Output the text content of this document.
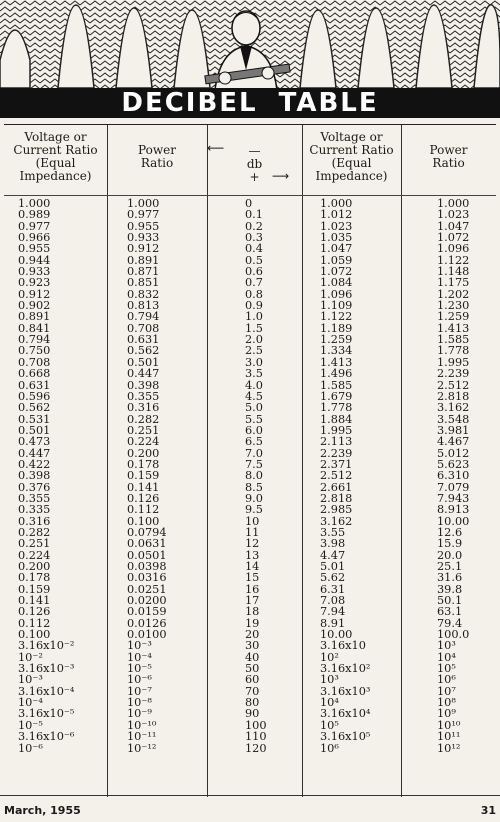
DECIBEL TABLE
Voltage or
Current Ratio
(Equal
Impedance)
Power
Ratio
—
db
+
⟵
⟶
Voltage or
Current Ratio
(Equal
Impedance)
Power
Ratio
1.000
0.989
0.977
0.966
0.955
0.944
0.933
0.923
0.912
0.902
0.891
0.841
0.794
0.750
0.708
0.668
0.631
0.596
0.562
0.531
0.501
0.473
0.447
0.422
0.398
0.376
0.355
0.335
0.316
0.282
0.251
0.224
0.200
0.178
0.159
0.141
0.126
0.112
0.100
3.16x10⁻²
10⁻²
3.16x10⁻³
10⁻³
3.16x10⁻⁴
10⁻⁴
3.16x10⁻⁵
10⁻⁵
3.16x10⁻⁶
10⁻⁶
1.000
0.977
0.955
0.933
0.912
0.891
0.871
0.851
0.832
0.813
0.794
0.708
0.631
0.562
0.501
0.447
0.398
0.355
0.316
0.282
0.251
0.224
0.200
0.178
0.159
0.141
0.126
0.112
0.100
0.0794
0.0631
0.0501
0.0398
0.0316
0.0251
0.0200
0.0159
0.0126
0.0100
10⁻³
10⁻⁴
10⁻⁵
10⁻⁶
10⁻⁷
10⁻⁸
10⁻⁹
10⁻¹⁰
10⁻¹¹
10⁻¹²
0
0.1
0.2
0.3
0.4
0.5
0.6
0.7
0.8
0.9
1.0
1.5
2.0
2.5
3.0
3.5
4.0
4.5
5.0
5.5
6.0
6.5
7.0
7.5
8.0
8.5
9.0
9.5
10
11
12
13
14
15
16
17
18
19
20
30
40
50
60
70
80
90
100
110
120
1.000
1.012
1.023
1.035
1.047
1.059
1.072
1.084
1.096
1.109
1.122
1.189
1.259
1.334
1.413
1.496
1.585
1.679
1.778
1.884
1.995
2.113
2.239
2.371
2.512
2.661
2.818
2.985
3.162
3.55
3.98
4.47
5.01
5.62
6.31
7.08
7.94
8.91
10.00
3.16x10
10²
3.16x10²
10³
3.16x10³
10⁴
3.16x10⁴
10⁵
3.16x10⁵
10⁶
1.000
1.023
1.047
1.072
1.096
1.122
1.148
1.175
1.202
1.230
1.259
1.413
1.585
1.778
1.995
2.239
2.512
2.818
3.162
3.548
3.981
4.467
5.012
5.623
6.310
7.079
7.943
8.913
10.00
12.6
15.9
20.0
25.1
31.6
39.8
50.1
63.1
79.4
100.0
10³
10⁴
10⁵
10⁶
10⁷
10⁸
10⁹
10¹⁰
10¹¹
10¹²
March, 1955	31
